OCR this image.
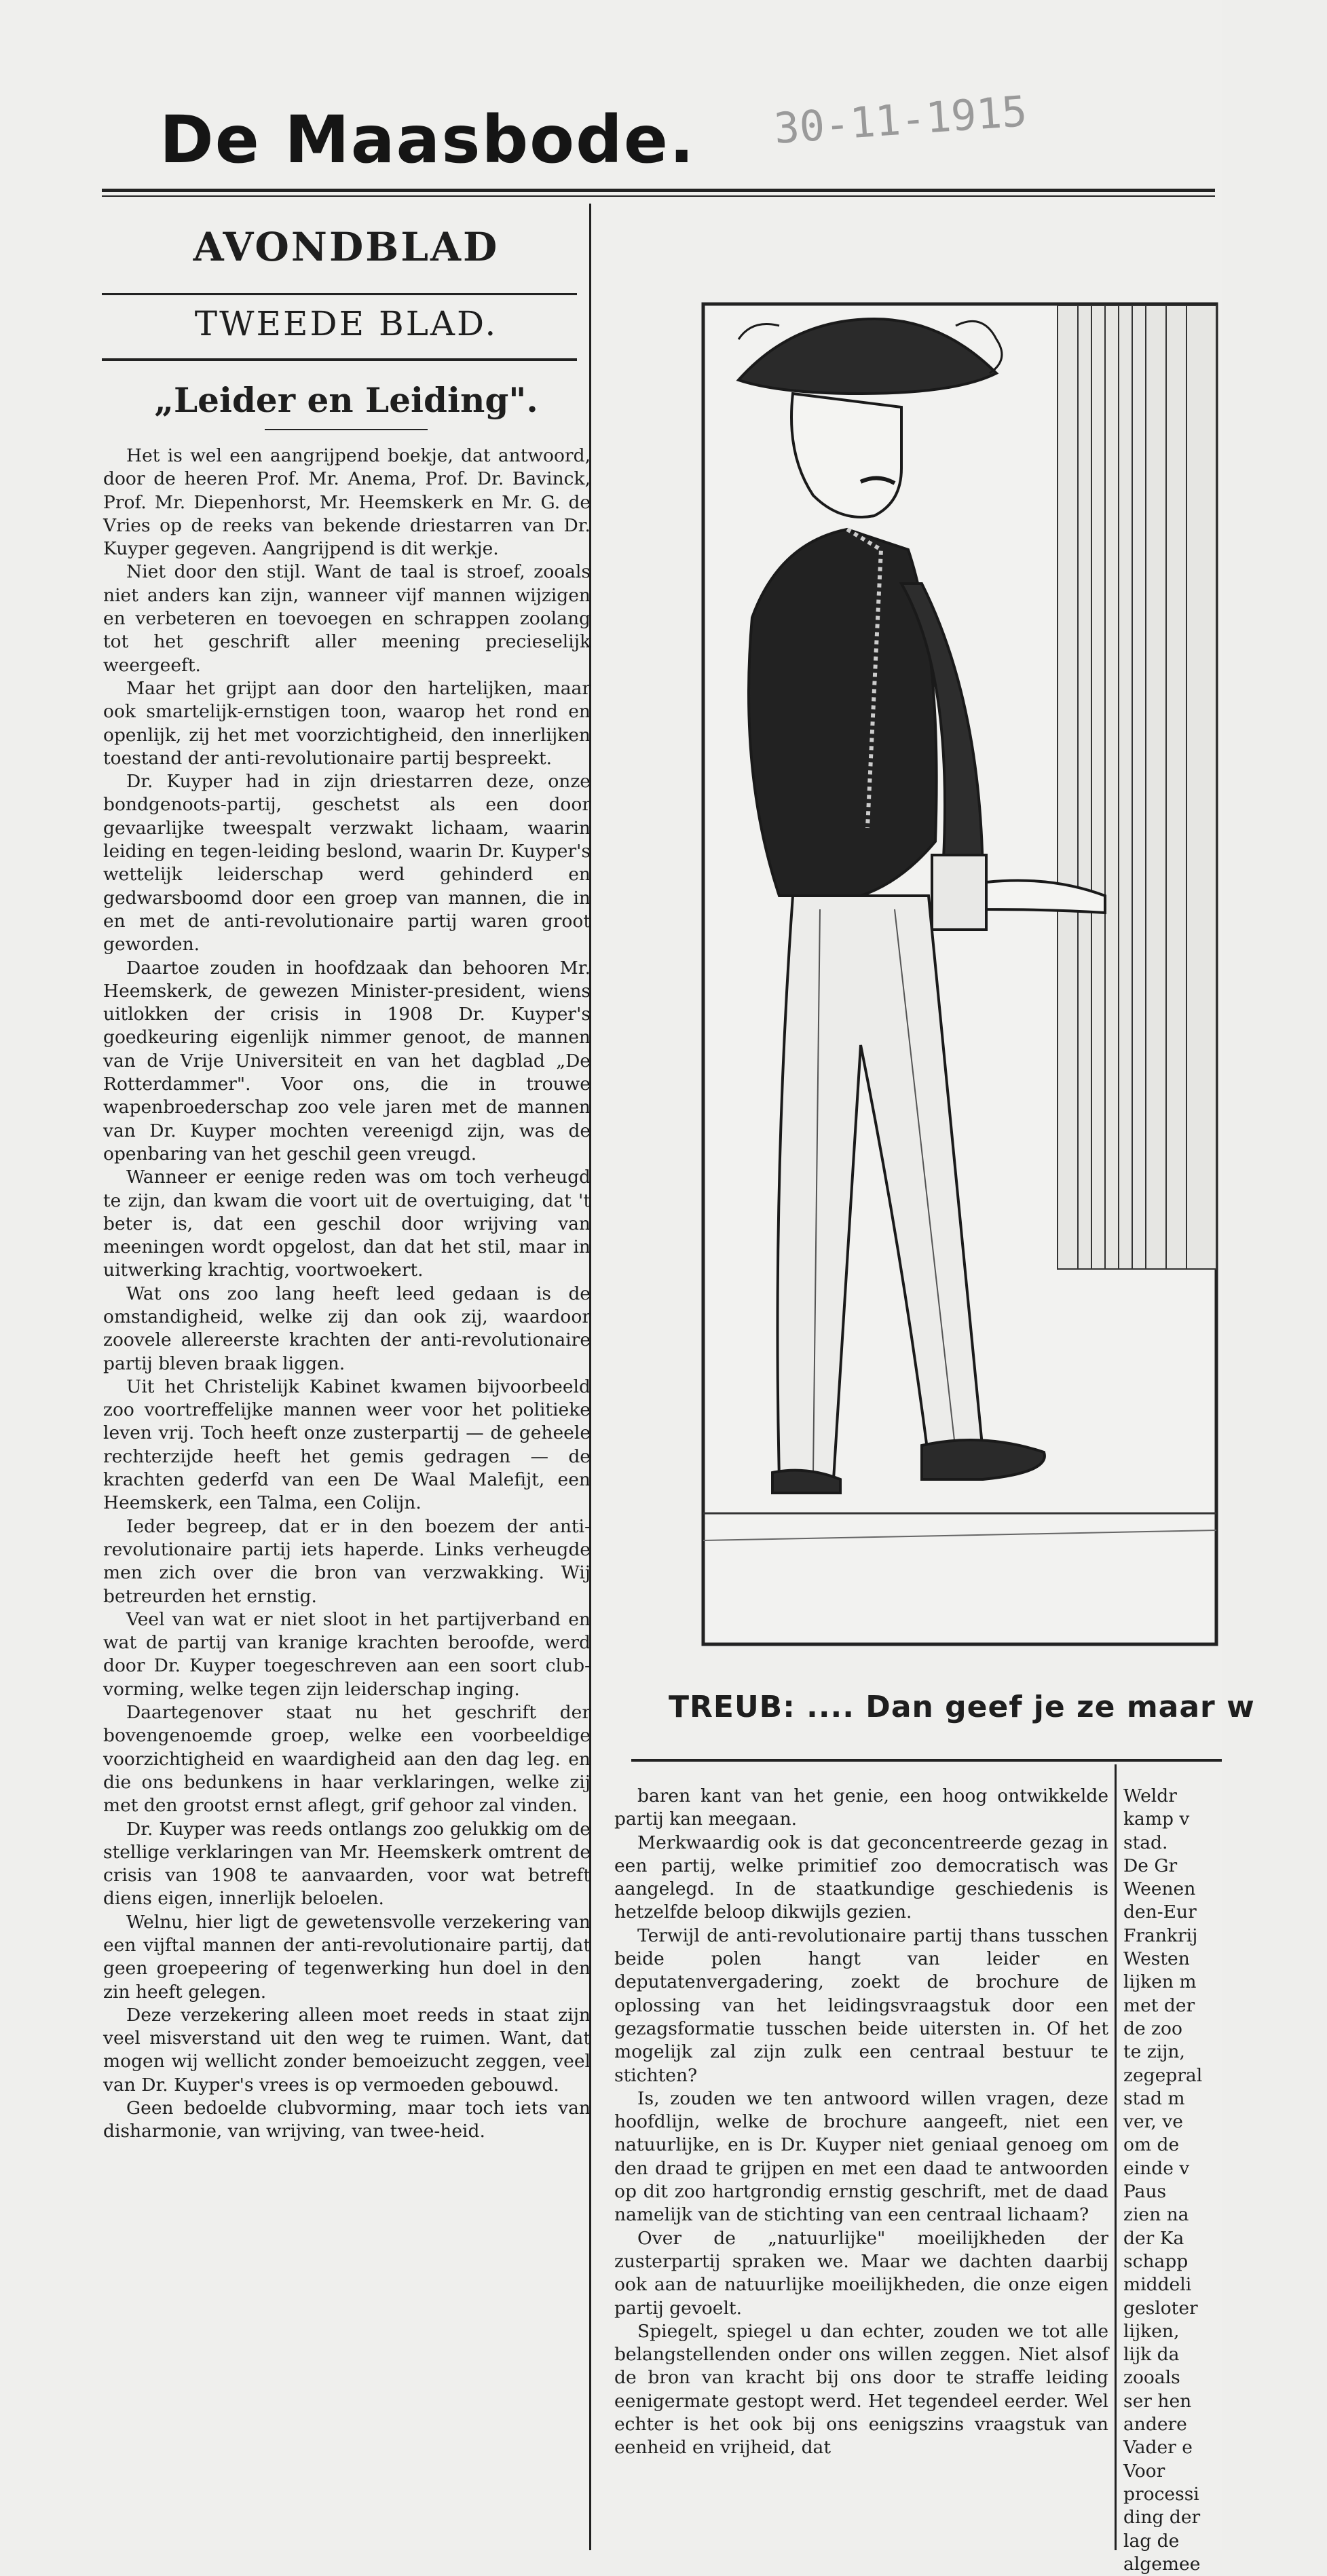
De Maasbode. 30-11-1915
AVONDBLAD
TWEEDE BLAD.
„Leider en Leiding".

Het is wel een aangrijpend boekje, dat antwoord, door de heeren Prof. Mr. Anema, Prof. Dr. Bavinck, Prof. Mr. Diepenhorst, Mr. Heemskerk en Mr. G. de Vries op de reeks van bekende driestarren van Dr. Kuyper gegeven. Aangrijpend is dit werkje.

Niet door den stijl. Want de taal is stroef, zooals niet anders kan zijn, wanneer vijf mannen wijzigen en verbeteren en toevoegen en schrappen zoolang tot het geschrift aller meening precieselijk weergeeft.

Maar het grijpt aan door den hartelijken, maar ook smartelijk-ernstigen toon, waarop het rond en openlijk, zij het met voorzichtigheid, den innerlijken toestand der anti-revolutionaire partij bespreekt.

Dr. Kuyper had in zijn driestarren deze, onze bondgenoots-partij, geschetst als een door gevaarlijke tweespalt verzwakt lichaam, waarin leiding en tegen-leiding beslond, waarin Dr. Kuyper's wettelijk leiderschap werd gehinderd en gedwarsboomd door een groep van mannen, die in en met de anti-revolutionaire partij waren groot geworden.

Daartoe zouden in hoofdzaak dan behooren Mr. Heemskerk, de gewezen Minister-president, wiens uitlokken der crisis in 1908 Dr. Kuyper's goedkeuring eigenlijk nimmer genoot, de mannen van de Vrije Universiteit en van het dagblad „De Rotterdammer". Voor ons, die in trouwe wapenbroederschap zoo vele jaren met de mannen van Dr. Kuyper mochten vereenigd zijn, was de openbaring van het geschil geen vreugd.

Wanneer er eenige reden was om toch verheugd te zijn, dan kwam die voort uit de overtuiging, dat 't beter is, dat een geschil door wrijving van meeningen wordt opgelost, dan dat het stil, maar in uitwerking krachtig, voortwoekert.

Wat ons zoo lang heeft leed gedaan is de omstandigheid, welke zij dan ook zij, waardoor zoovele allereerste krachten der anti-revolutionaire partij bleven braak liggen.

Uit het Christelijk Kabinet kwamen bijvoorbeeld zoo voortreffelijke mannen weer voor het politieke leven vrij. Toch heeft onze zusterpartij — de geheele rechterzijde heeft het gemis gedragen — de krachten gederfd van een De Waal Malefijt, een Heemskerk, een Talma, een Colijn.

Ieder begreep, dat er in den boezem der anti-revolutionaire partij iets haperde. Links verheugde men zich over die bron van verzwakking. Wij betreurden het ernstig.

Veel van wat er niet sloot in het partijverband en wat de partij van kranige krachten beroofde, werd door Dr. Kuyper toegeschreven aan een soort club-vorming, welke tegen zijn leiderschap inging.

Daartegenover staat nu het geschrift der bovengenoemde groep, welke een voorbeeldige voorzichtigheid en waardigheid aan den dag leg. en die ons bedunkens in haar verklaringen, welke zij met den grootst ernst aflegt, grif gehoor zal vinden.

Dr. Kuyper was reeds ontlangs zoo gelukkig om de stellige verklaringen van Mr. Heemskerk omtrent de crisis van 1908 te aanvaarden, voor wat betreft diens eigen, innerlijk beloelen.

Welnu, hier ligt de gewetensvolle verzekering van een vijftal mannen der anti-revolutionaire partij, dat geen groepeering of tegenwerking hun doel in den zin heeft gelegen.

Deze verzekering alleen moet reeds in staat zijn veel misverstand uit den weg te ruimen. Want, dat mogen wij wellicht zonder bemoeizucht zeggen, veel van Dr. Kuyper's vrees is op vermoeden gebouwd.

Geen bedoelde clubvorming, maar toch iets van disharmonie, van wrijving, van twee-heid.

TREUB: .... Dan geef je ze maar w

baren kant van het genie, een hoog ontwikkelde partij kan meegaan.

Merkwaardig ook is dat geconcentreerde gezag in een partij, welke primitief zoo democratisch was aangelegd. In de staatkundige geschiedenis is hetzelfde beloop dikwijls gezien.

Terwijl de anti-revolutionaire partij thans tusschen beide polen hangt van leider en deputatenvergadering, zoekt de brochure de oplossing van het leidingsvraagstuk door een gezagsformatie tusschen beide uitersten in. Of het mogelijk zal zijn zulk een centraal bestuur te stichten?

Is, zouden we ten antwoord willen vragen, deze hoofdlijn, welke de brochure aangeeft, niet een natuurlijke, en is Dr. Kuyper niet geniaal genoeg om den draad te grijpen en met een daad te antwoorden op dit zoo hartgrondig ernstig geschrift, met de daad namelijk van de stichting van een centraal lichaam?

Over de „natuurlijke" moeilijkheden der zusterpartij spraken we. Maar we dachten daarbij ook aan de natuurlijke moeilijkheden, die onze eigen partij gevoelt.

Spiegelt, spiegel u dan echter, zouden we tot alle belangstellenden onder ons willen zeggen. Niet alsof de bron van kracht bij ons door te straffe leiding eenigermate gestopt werd. Het tegendeel eerder. Wel echter is het ook bij ons eenigszins vraagstuk van eenheid en vrijheid, dat

Weldr
kamp v
stad.
De Gr
Weenen
den-Eur
Frankrij
Westen
lijken m
met der
de zoo
te zijn,
zegepral
stad m
ver, ve
om de
einde v
Paus
zien na
der Ka
schapp
middeli
gesloter
lijken,
lijk da
zooals
ser hen
andere
Vader e
Voor
processi
ding der
lag de
algemee
